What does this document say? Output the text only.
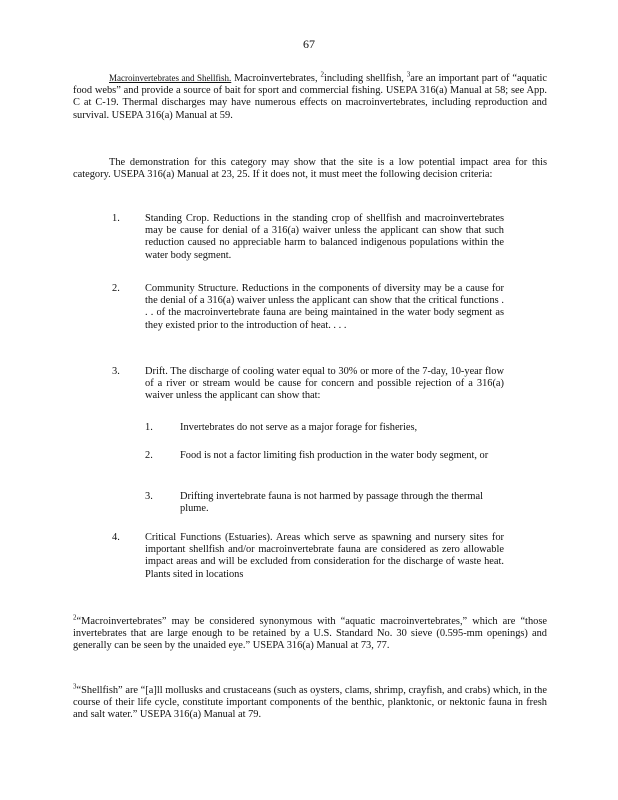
67

Macroinvertebrates and Shellfish. Macroinvertebrates, $^2$including shellfish, $^3$are an important part of “aquatic food webs” and provide a source of bait for sport and commercial fishing. USEPA 316(a) Manual at 58; see App. C at C-19. Thermal discharges may have numerous effects on macroinvertebrates, including reproduction and survival. USEPA 316(a) Manual at 59.

The demonstration for this category may show that the site is a low potential impact area for this category. USEPA 316(a) Manual at 23, 25. If it does not, it must meet the following decision criteria:

1. Standing Crop. Reductions in the standing crop of shellfish and macroinvertebrates may be cause for denial of a 316(a) waiver unless the applicant can show that such reduction caused no appreciable harm to balanced indigenous populations within the water body segment.
2. Community Structure. Reductions in the components of diversity may be a cause for the denial of a 316(a) waiver unless the applicant can show that the critical functions . . . of the macroinvertebrate fauna are being maintained in the water body segment as they existed prior to the introduction of heat. . . .
3. Drift. The discharge of cooling water equal to 30% or more of the 7-day, 10-year flow of a river or stream would be cause for concern and possible rejection of a 316(a) waiver unless the applicant can show that:
1.	Invertebrates do not serve as a major forage for fisheries,
2.	Food is not a factor limiting fish production in the water body segment, or
3.	Drifting invertebrate fauna is not harmed by passage through the thermal plume.
4. Critical Functions (Estuaries). Areas which serve as spawning and nursery sites for important shellfish and/or macroinvertebrate fauna are considered as zero allowable impact areas and will be excluded from consideration for the discharge of waste heat. Plants sited in locations

$^2$“Macroinvertebrates” may be considered synonymous with “aquatic macroinvertebrates,” which are “those invertebrates that are large enough to be retained by a U.S. Standard No. 30 sieve (0.595-mm openings) and generally can be seen by the unaided eye.” USEPA 316(a) Manual at 73, 77.

$^3$“Shellfish” are “[a]ll mollusks and crustaceans (such as oysters, clams, shrimp, crayfish, and crabs) which, in the course of their life cycle, constitute important components of the benthic, planktonic, or nektonic fauna in fresh and salt water.” USEPA 316(a) Manual at 79.
